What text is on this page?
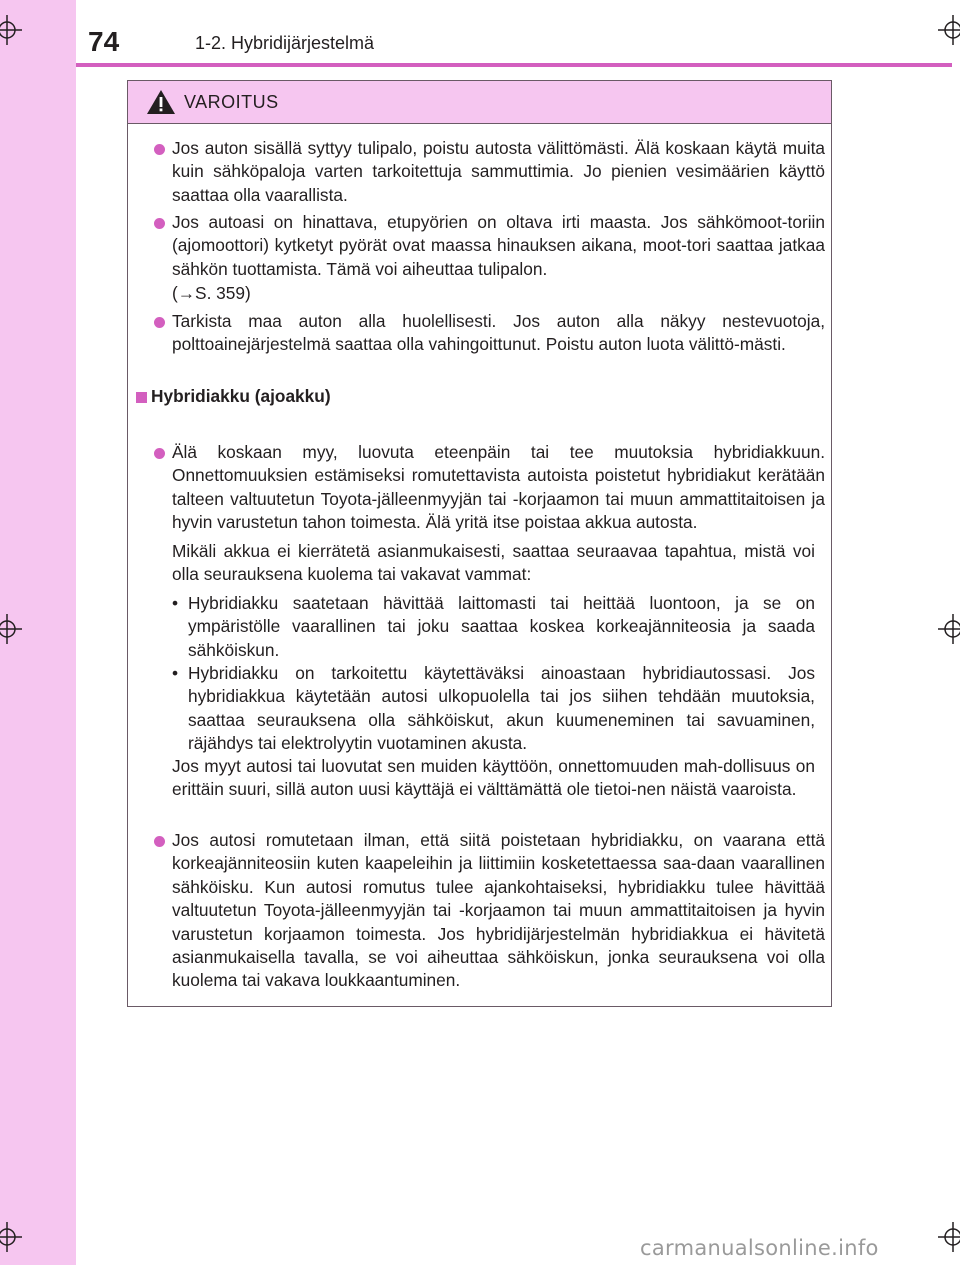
74	1-2. Hybridijärjestelmä
VAROITUS
Jos auton sisällä syttyy tulipalo, poistu autosta välittömästi. Älä koskaan käytä muita kuin sähköpaloja varten tarkoitettuja sammuttimia. Jo pienien vesimäärien käyttö saattaa olla vaarallista.
Jos autoasi on hinattava, etupyörien on oltava irti maasta. Jos sähkömoot-toriin (ajomoottori) kytketyt pyörät ovat maassa hinauksen aikana, moot-tori saattaa jatkaa sähkön tuottamista. Tämä voi aiheuttaa tulipalon.
(→S. 359)
Tarkista maa auton alla huolellisesti. Jos auton alla näkyy nestevuotoja, polttoainejärjestelmä saattaa olla vahingoittunut. Poistu auton luota välittö-mästi.
Hybridiakku (ajoakku)
Älä koskaan myy, luovuta eteenpäin tai tee muutoksia hybridiakkuun. Onnettomuuksien estämiseksi romutettavista autoista poistetut hybridiakut kerätään talteen valtuutetun Toyota-jälleenmyyjän tai -korjaamon tai muun ammattitaitoisen ja hyvin varustetun tahon toimesta. Älä yritä itse poistaa akkua autosta.
Mikäli akkua ei kierrätetä asianmukaisesti, saattaa seuraavaa tapahtua, mistä voi olla seurauksena kuolema tai vakavat vammat:
• Hybridiakku saatetaan hävittää laittomasti tai heittää luontoon, ja se on ympäristölle vaarallinen tai joku saattaa koskea korkeajänniteosia ja saada sähköiskun.
• Hybridiakku on tarkoitettu käytettäväksi ainoastaan hybridiautossasi. Jos hybridiakkua käytetään autosi ulkopuolella tai jos siihen tehdään muutoksia, saattaa seurauksena olla sähköiskut, akun kuumeneminen tai savuaminen, räjähdys tai elektrolyytin vuotaminen akusta.
Jos myyt autosi tai luovutat sen muiden käyttöön, onnettomuuden mah-dollisuus on erittäin suuri, sillä auton uusi käyttäjä ei välttämättä ole tietoi-nen näistä vaaroista.
Jos autosi romutetaan ilman, että siitä poistetaan hybridiakku, on vaarana että korkeajänniteosiin kuten kaapeleihin ja liittimiin kosketettaessa saa-daan vaarallinen sähköisku. Kun autosi romutus tulee ajankohtaiseksi, hybridiakku tulee hävittää valtuutetun Toyota-jälleenmyyjän tai -korjaamon tai muun ammattitaitoisen ja hyvin varustetun korjaamon toimesta. Jos hybridijärjestelmän hybridiakkua ei hävitetä asianmukaisella tavalla, se voi aiheuttaa sähköiskun, jonka seurauksena voi olla kuolema tai vakava loukkaantuminen.
carmanualsonline.info
